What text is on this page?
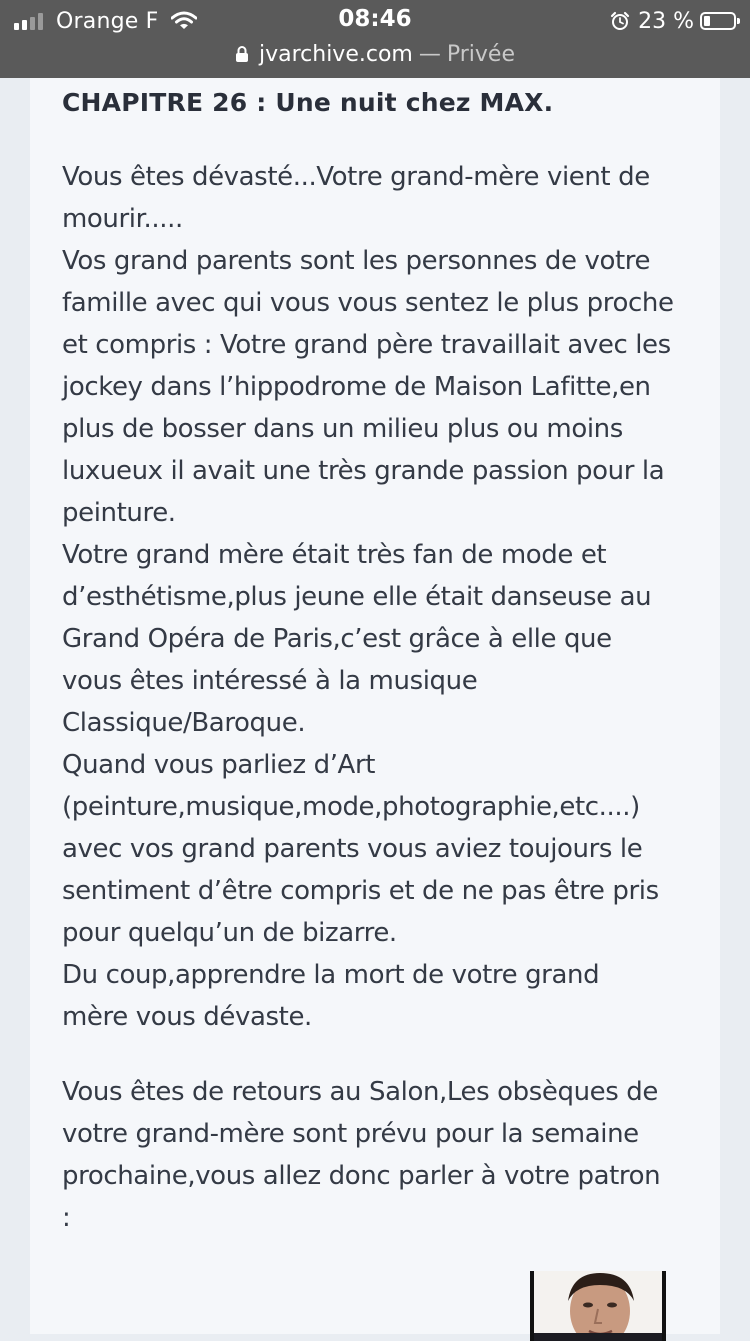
Orange F	08:46	23 %
jvarchive.com — Privée
CHAPITRE 26 : Une nuit chez MAX.
Vous êtes dévasté...Votre grand-mère vient de
mourir.....
Vos grand parents sont les personnes de votre
famille avec qui vous vous sentez le plus proche
et compris : Votre grand père travaillait avec les
jockey dans l’hippodrome de Maison Lafitte,en
plus de bosser dans un milieu plus ou moins
luxueux il avait une très grande passion pour la
peinture.
Votre grand mère était très fan de mode et
d’esthétisme,plus jeune elle était danseuse au
Grand Opéra de Paris,c’est grâce à elle que
vous êtes intéressé à la musique
Classique/Baroque.
Quand vous parliez d’Art
(peinture,musique,mode,photographie,etc....)
avec vos grand parents vous aviez toujours le
sentiment d’être compris et de ne pas être pris
pour quelqu’un de bizarre.
Du coup,apprendre la mort de votre grand
mère vous dévaste.
Vous êtes de retours au Salon,Les obsèques de
votre grand-mère sont prévu pour la semaine
prochaine,vous allez donc parler à votre patron
:
